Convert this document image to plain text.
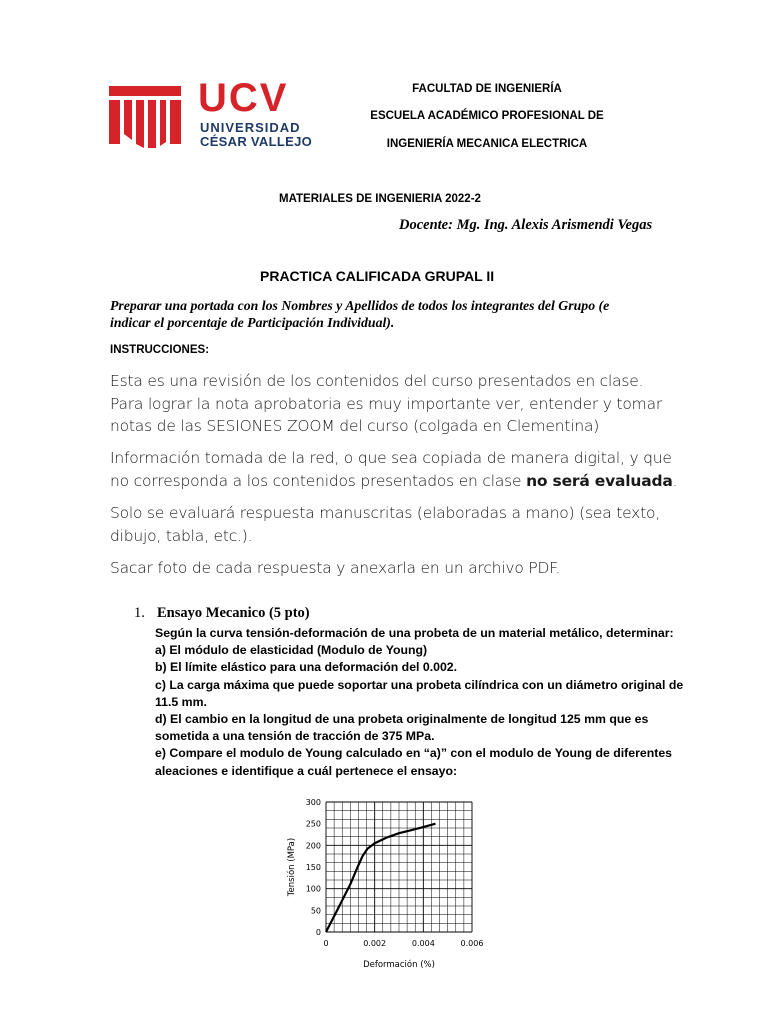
UCV
UNIVERSIDAD
CÉSAR VALLEJO
FACULTAD DE INGENIERÍA
ESCUELA ACADÉMICO PROFESIONAL DE
INGENIERÍA MECANICA ELECTRICA
MATERIALES DE INGENIERIA 2022-2
Docente: Mg. Ing. Alexis Arismendi Vegas
PRACTICA CALIFICADA GRUPAL II
Preparar una portada con los Nombres y Apellidos de todos los integrantes del Grupo (e
indicar el porcentaje de Participación Individual).
INSTRUCCIONES:
Esta es una revisión de los contenidos del curso presentados en clase.
Para lograr la nota aprobatoria es muy importante ver, entender y tomar
notas de las SESIONES ZOOM del curso (colgada en Clementina)
Información tomada de la red, o que sea copiada de manera digital, y que
no corresponda a los contenidos presentados en clase no será evaluada.
Solo se evaluará respuesta manuscritas (elaboradas a mano) (sea texto,
dibujo, tabla, etc.).
Sacar foto de cada respuesta y anexarla en un archivo PDF.
1. Ensayo Mecanico (5 pto)
Según la curva tensión-deformación de una probeta de un material metálico, determinar:
a) El módulo de elasticidad (Modulo de Young)
b) El límite elástico para una deformación del 0.002.
c) La carga máxima que puede soportar una probeta cilíndrica con un diámetro original de
11.5 mm.
d) El cambio en la longitud de una probeta originalmente de longitud 125 mm que es
sometida a una tensión de tracción de 375 MPa.
e) Compare el modulo de Young calculado en “a)” con el modulo de Young de diferentes
aleaciones e identifique a cuál pertenece el ensayo:
0
50
100
150
200
250
300
0	0.002	0.004	0.006
Deformación (%)
Tensión (MPa)
